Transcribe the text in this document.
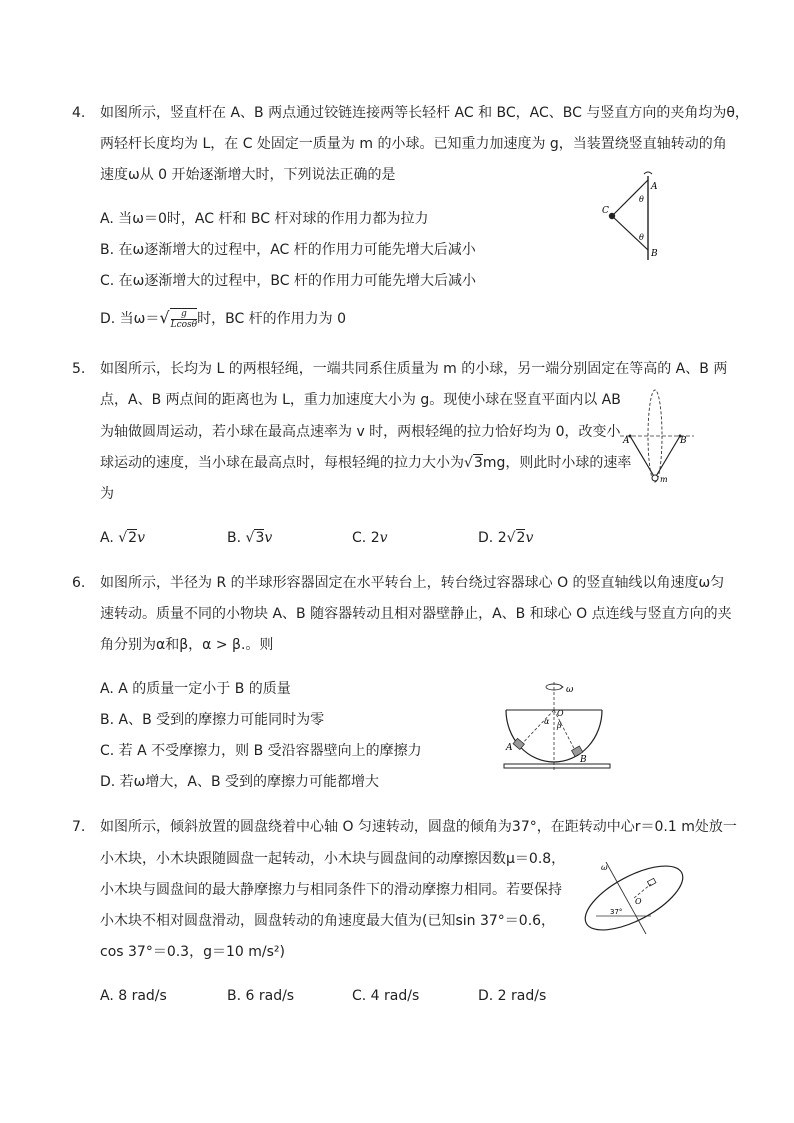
4. 如图所示，竖直杆在 A、B 两点通过铰链连接两等长轻杆 AC 和 BC，AC、BC 与竖直方向的夹角均为θ，
两轻杆长度均为 L，在 C 处固定一质量为 m 的小球。已知重力加速度为 g，当装置绕竖直轴转动的角
速度ω从 0 开始逐渐增大时，下列说法正确的是
A. 当ω＝0时，AC 杆和 BC 杆对球的作用力都为拉力
B. 在ω逐渐增大的过程中，AC 杆的作用力可能先增大后减小
C. 在ω逐渐增大的过程中，BC 杆的作用力可能先增大后减小
D. 当$\omega=√ \frac{g}{Lcos\theta}$ 时，BC 杆的作用力为 0
A
B
C
θ
θ
5. 如图所示，长均为 L 的两根轻绳，一端共同系住质量为 m 的小球，另一端分别固定在等高的 A、B 两
点，A、B 两点间的距离也为 L，重力加速度大小为 g。现使小球在竖直平面内以 AB
为轴做圆周运动，若小球在最高点速率为 v 时，两根轻绳的拉力恰好均为 0，改变小
球运动的速度，当小球在最高点时，每根轻绳的拉力大小为√3mg，则此时小球的速率
为
A. √2v	B. √3v	C. 2v	D. 2√2v
A	B
m
6. 如图所示，半径为 R 的半球形容器固定在水平转台上，转台绕过容器球心 O 的竖直轴线以角速度ω匀
速转动。质量不同的小物块 A、B 随容器转动且相对器壁静止，A、B 和球心 O 点连线与竖直方向的夹
角分别为α和β，α > β.。则
A. A 的质量一定小于 B 的质量
B. A、B 受到的摩擦力可能同时为零
C. 若 A 不受摩擦力，则 B 受沿容器壁向上的摩擦力
D. 若ω增大，A、B 受到的摩擦力可能都增大
ω
α β
O
A
B
7. 如图所示，倾斜放置的圆盘绕着中心轴 O 匀速转动，圆盘的倾角为37°，在距转动中心r＝0.1 m处放一
小木块，小木块跟随圆盘一起转动，小木块与圆盘间的动摩擦因数μ＝0.8，
小木块与圆盘间的最大静摩擦力与相同条件下的滑动摩擦力相同。若要保持
小木块不相对圆盘滑动，圆盘转动的角速度最大值为(已知sin 37°＝0.6，
cos 37°＝0.3，g＝10 m/s²)
A. 8 rad/s	B. 6 rad/s	C. 4 rad/s	D. 2 rad/s
ω
O
37°
